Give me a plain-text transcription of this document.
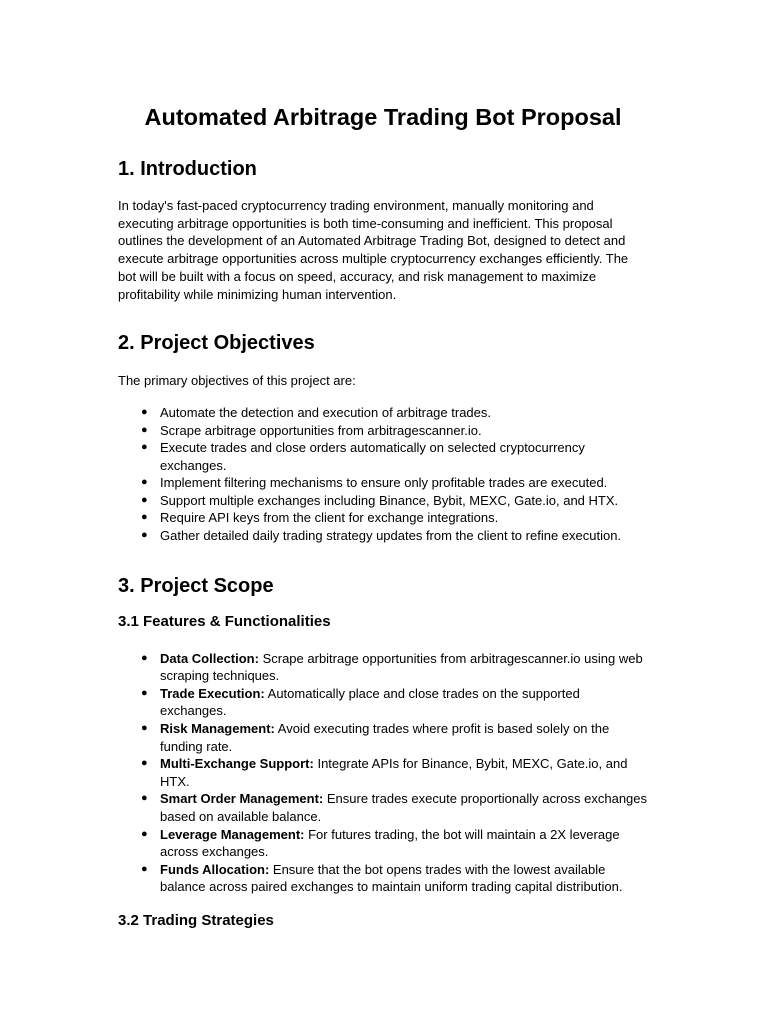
Automated Arbitrage Trading Bot Proposal
1. Introduction

In today's fast-paced cryptocurrency trading environment, manually monitoring and executing arbitrage opportunities is both time-consuming and inefficient. This proposal outlines the development of an Automated Arbitrage Trading Bot, designed to detect and execute arbitrage opportunities across multiple cryptocurrency exchanges efficiently. The bot will be built with a focus on speed, accuracy, and risk management to maximize profitability while minimizing human intervention.

2. Project Objectives

The primary objectives of this project are:

● Automate the detection and execution of arbitrage trades.
● Scrape arbitrage opportunities from arbitragescanner.io.
● Execute trades and close orders automatically on selected cryptocurrency exchanges.
● Implement filtering mechanisms to ensure only profitable trades are executed.
● Support multiple exchanges including Binance, Bybit, MEXC, Gate.io, and HTX.
● Require API keys from the client for exchange integrations.
● Gather detailed daily trading strategy updates from the client to refine execution.
3. Project Scope
3.1 Features & Functionalities
● Data Collection: Scrape arbitrage opportunities from arbitragescanner.io using web scraping techniques.
● Trade Execution: Automatically place and close trades on the supported exchanges.
● Risk Management: Avoid executing trades where profit is based solely on the funding rate.
● Multi-Exchange Support: Integrate APIs for Binance, Bybit, MEXC, Gate.io, and HTX.
● Smart Order Management: Ensure trades execute proportionally across exchanges based on available balance.
● Leverage Management: For futures trading, the bot will maintain a 2X leverage across exchanges.
● Funds Allocation: Ensure that the bot opens trades with the lowest available balance across paired exchanges to maintain uniform trading capital distribution.
3.2 Trading Strategies
